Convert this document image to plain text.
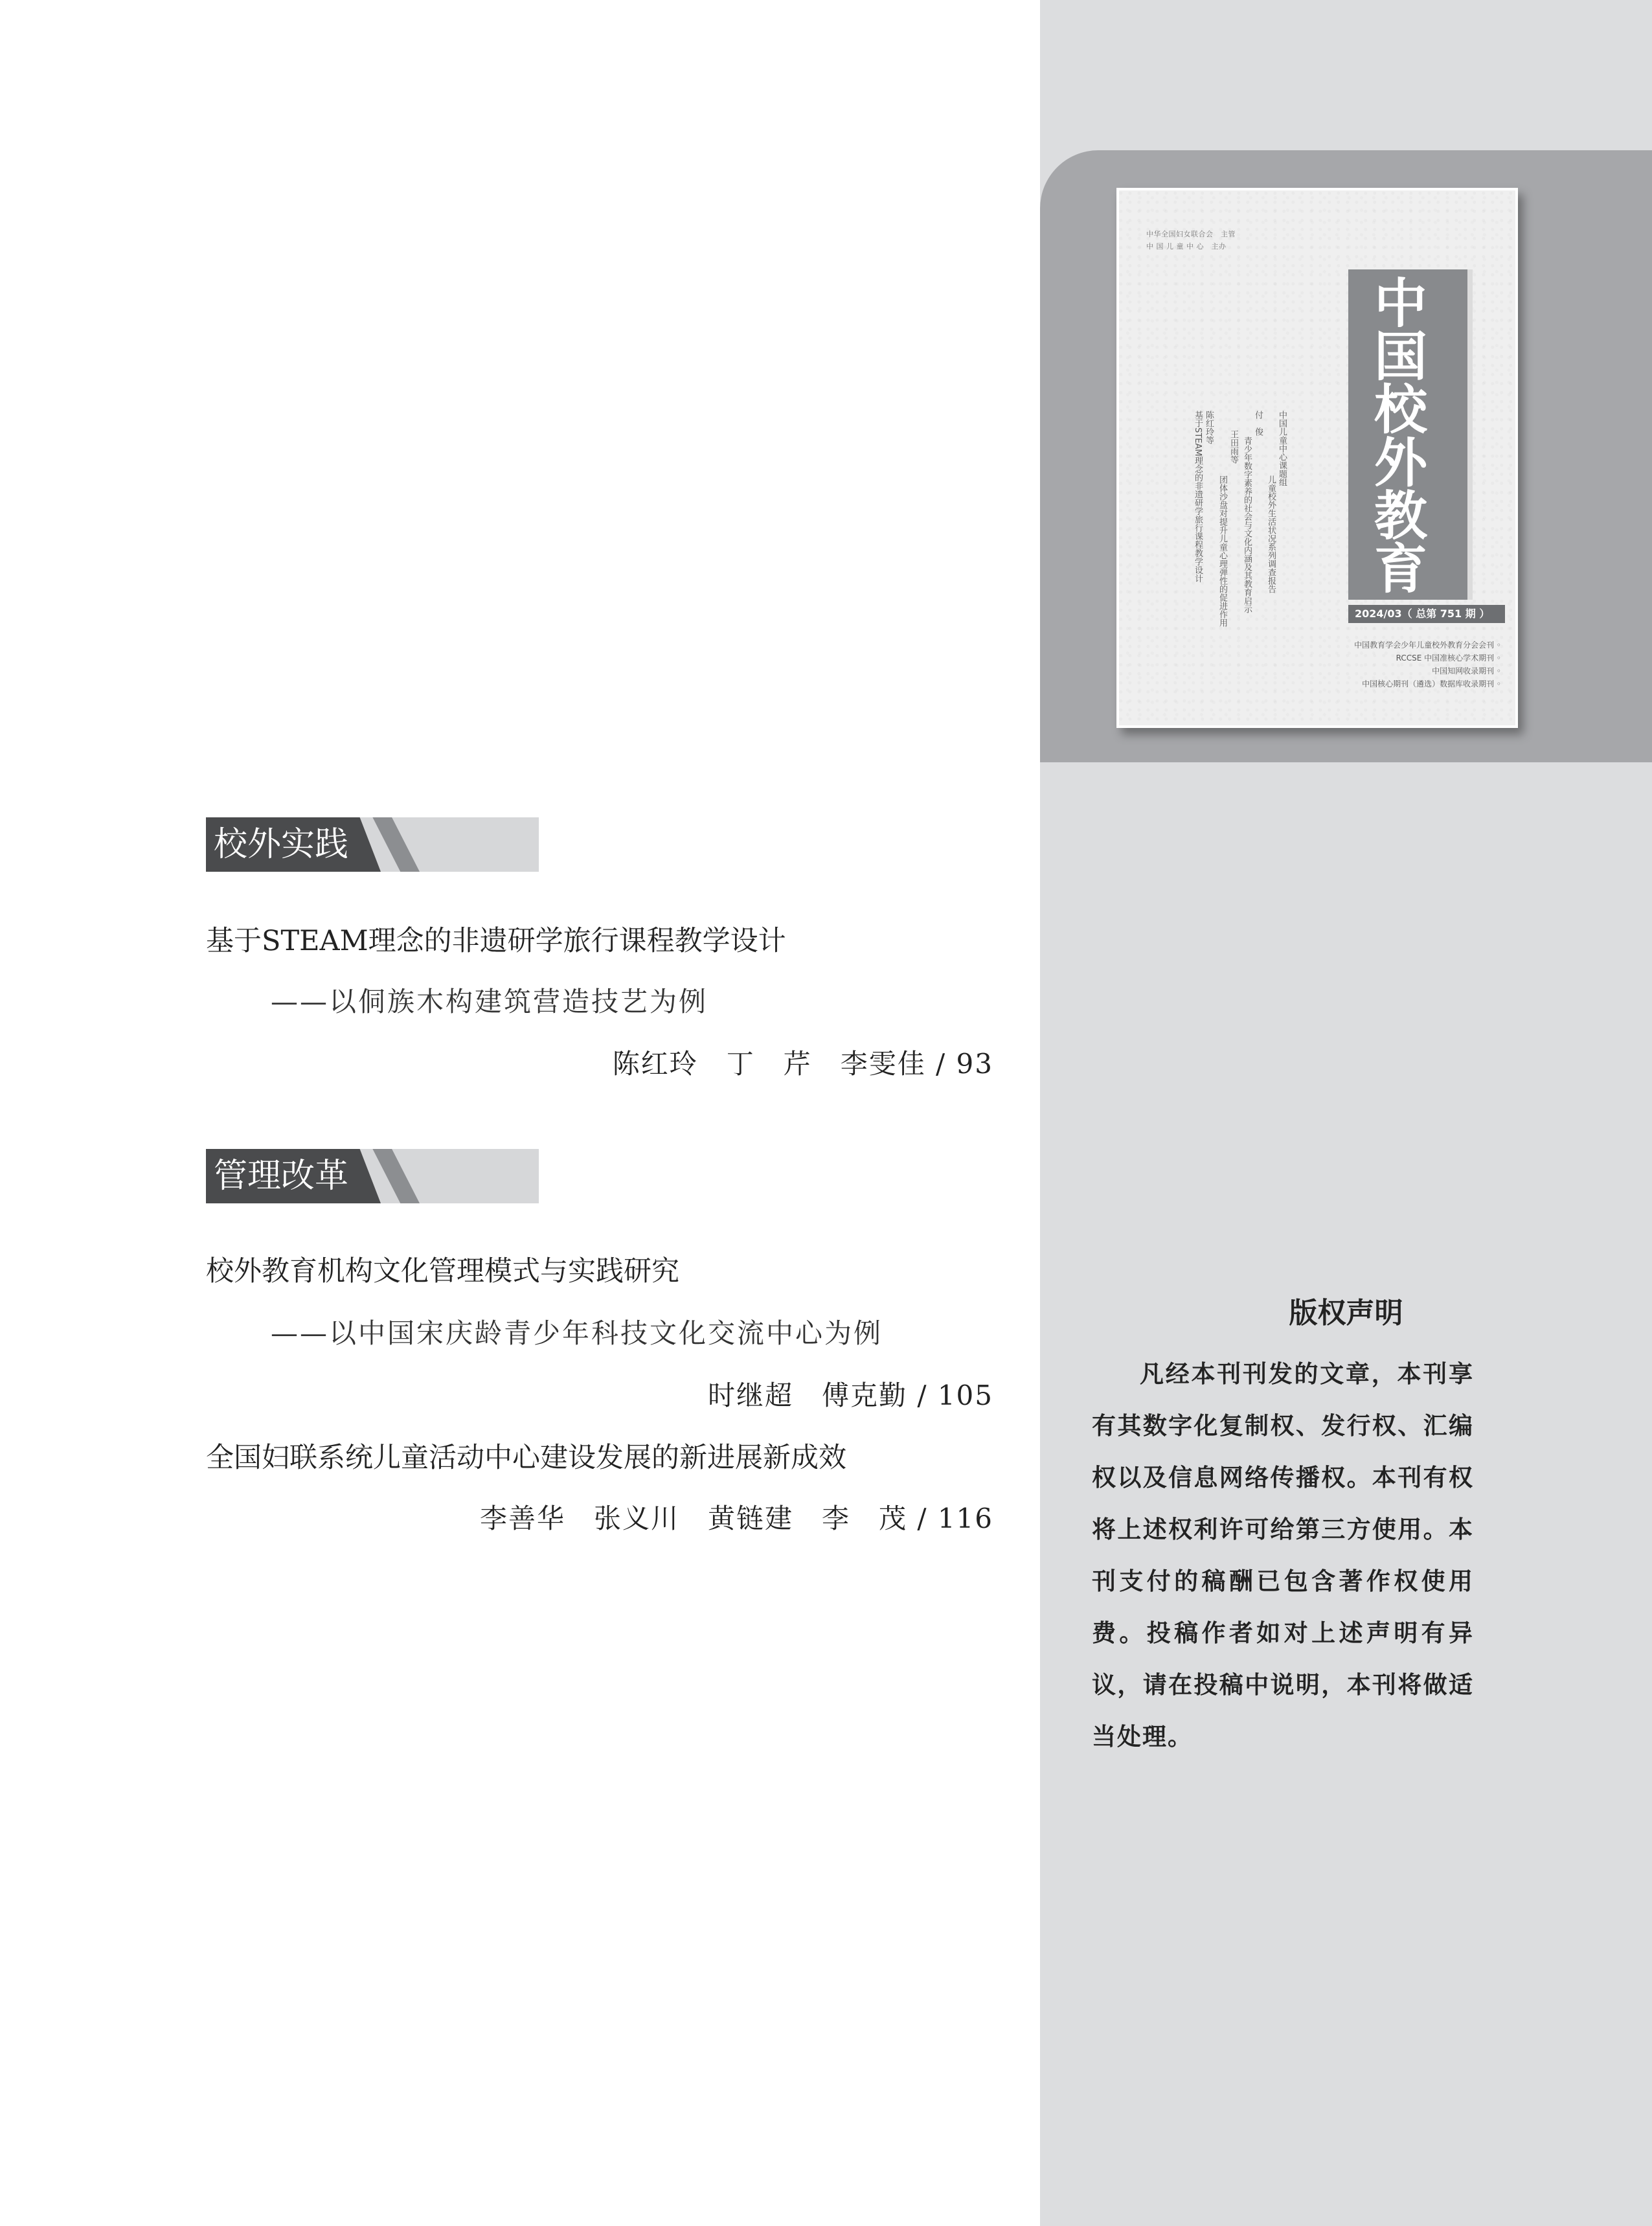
中华全国妇女联合会　主管
中 国 儿 童 中 心　主办
中国儿童中心课题组
儿童校外生活状况系列调查报告
付　俊
青少年数字素养的社会与文化内涵及其教育启示
王田雨等
团体沙盘对提升儿童心理弹性的促进作用
陈红玲等
基于STEAM理念的非遗研学旅行课程教学设计
中
国
校
外
教
育
2024/03（ 总第 751 期 ）
中国教育学会少年儿童校外教育分会会刊 ◦
RCCSE 中国准核心学术期刊 ◦
中国知网收录期刊 ◦
中国核心期刊（遴选）数据库收录期刊 ◦
校外实践
基于STEAM理念的非遗研学旅行课程教学设计
——以侗族木构建筑营造技艺为例
陈红玲　丁　芹　李雯佳 / 93
管理改革
校外教育机构文化管理模式与实践研究
——以中国宋庆龄青少年科技文化交流中心为例
时继超　傅克勤 / 105
全国妇联系统儿童活动中心建设发展的新进展新成效
李善华　张义川　黄链建　李　茂 / 116
版权声明
凡经本刊刊发的文章，本刊享有其数字化复制权、发行权、汇编权以及信息网络传播权。本刊有权将上述权利许可给第三方使用。本刊支付的稿酬已包含著作权使用费。投稿作者如对上述声明有异议，请在投稿中说明，本刊将做适当处理。
